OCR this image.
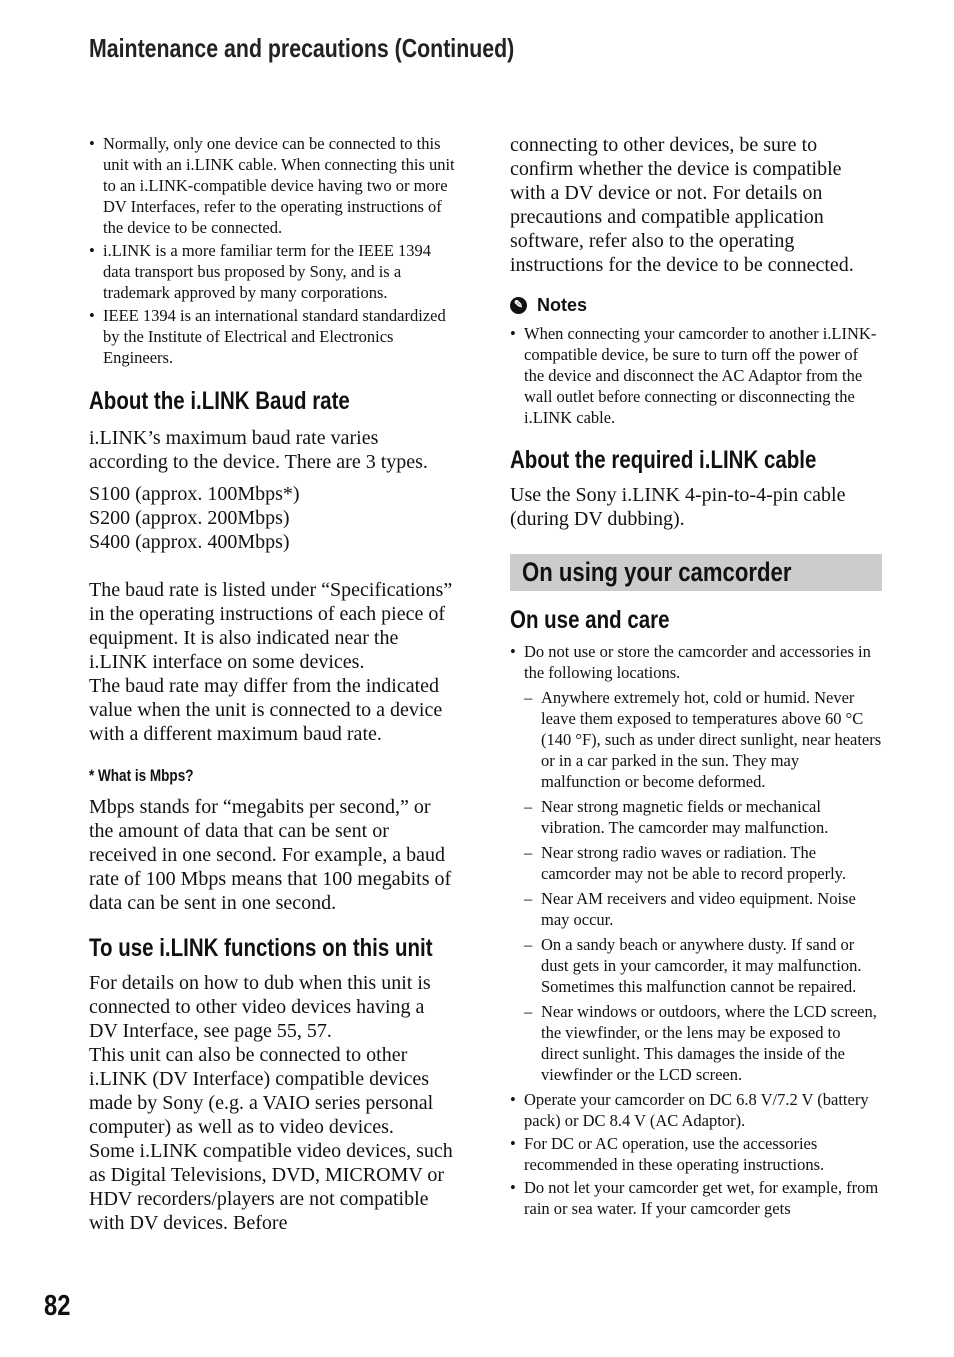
Maintenance and precautions (Continued)
• Normally, only one device can be connected to this unit with an i.LINK cable. When connecting this unit to an i.LINK-compatible device having two or more DV Interfaces, refer to the operating instructions of the device to be connected.
• i.LINK is a more familiar term for the IEEE 1394 data transport bus proposed by Sony, and is a trademark approved by many corporations.
• IEEE 1394 is an international standard standardized by the Institute of Electrical and Electronics Engineers.
About the i.LINK Baud rate

i.LINK’s maximum baud rate varies according to the device. There are 3 types.

S100 (approx. 100Mbps*)

S200 (approx. 200Mbps)

S400 (approx. 400Mbps)

The baud rate is listed under “Specifications” in the operating instructions of each piece of equipment. It is also indicated near the i.LINK interface on some devices.

The baud rate may differ from the indicated value when the unit is connected to a device with a different maximum baud rate.

* What is Mbps?

Mbps stands for “megabits per second,” or the amount of data that can be sent or received in one second. For example, a baud rate of 100 Mbps means that 100 megabits of data can be sent in one second.

To use i.LINK functions on this unit

For details on how to dub when this unit is connected to other video devices having a DV Interface, see page 55, 57.

This unit can also be connected to other i.LINK (DV Interface) compatible devices made by Sony (e.g. a VAIO series personal computer) as well as to video devices.

Some i.LINK compatible video devices, such as Digital Televisions, DVD, MICROMV or HDV recorders/players are not compatible with DV devices. Before

connecting to other devices, be sure to confirm whether the device is compatible with a DV device or not. For details on precautions and compatible application software, refer also to the operating instructions for the device to be connected.

✎ Notes
• When connecting your camcorder to another i.LINK-compatible device, be sure to turn off the power of the device and disconnect the AC Adaptor from the wall outlet before connecting or disconnecting the i.LINK cable.
About the required i.LINK cable

Use the Sony i.LINK 4-pin-to-4-pin cable (during DV dubbing).

On using your camcorder
On use and care
• Do not use or store the camcorder and accessories in the following locations.
– Anywhere extremely hot, cold or humid. Never leave them exposed to temperatures above 60 °C (140 °F), such as under direct sunlight, near heaters or in a car parked in the sun. They may malfunction or become deformed.
– Near strong magnetic fields or mechanical vibration. The camcorder may malfunction.
– Near strong radio waves or radiation. The camcorder may not be able to record properly.
– Near AM receivers and video equipment. Noise may occur.
– On a sandy beach or anywhere dusty. If sand or dust gets in your camcorder, it may malfunction. Sometimes this malfunction cannot be repaired.
– Near windows or outdoors, where the LCD screen, the viewfinder, or the lens may be exposed to direct sunlight. This damages the inside of the viewfinder or the LCD screen.
• Operate your camcorder on DC 6.8 V/7.2 V (battery pack) or DC 8.4 V (AC Adaptor).
• For DC or AC operation, use the accessories recommended in these operating instructions.
• Do not let your camcorder get wet, for example, from rain or sea water. If your camcorder gets
82
